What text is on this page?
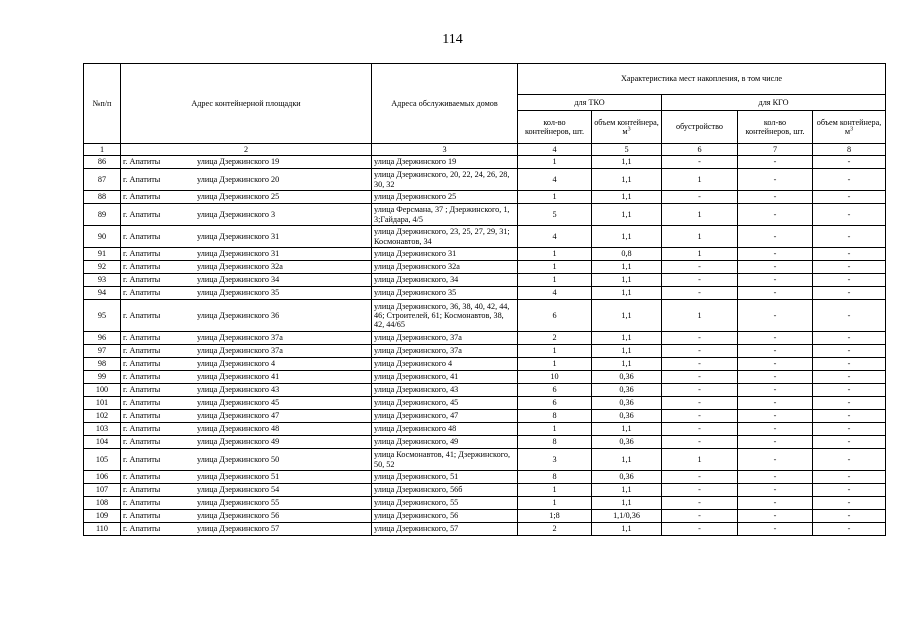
114
№п/п	Адрес контейнерной площадки	Адреса обслуживаемых домов	Характеристика мест накопления, в том числе				
			для ТКО		для КГО		
			кол-во контейнеров, шт.	объем контейнера, $м^3$	обустройство	кол-во контейнеров, шт.	объем контейнера, $м^3$
1	2	3	4	5	6	7	8
86	г. Апатиты улица Дзержинского 19	улица Дзержинского 19	1	1,1	-	-	-
87	г. Апатиты улица Дзержинского 20	улица Дзержинского, 20, 22, 24, 26, 28, 30, 32	4	1,1	1	-	-
88	г. Апатиты улица Дзержинского 25	улица Дзержинского 25	1	1,1	-	-	-
89	г. Апатиты улица Дзержинского 3	улица Ферсмана, 37 ; Дзержинского, 1, 3;Гайдара, 4/5	5	1,1	1	-	-
90	г. Апатиты улица Дзержинского 31	улица Дзержинского, 23, 25, 27, 29, 31; Космонавтов, 34	4	1,1	1	-	-
91	г. Апатиты улица Дзержинского 31	улица Дзержинского 31	1	0,8	1	-	-
92	г. Апатиты улица Дзержинского 32а	улица Дзержинского 32а	1	1,1	-	-	-
93	г. Апатиты улица Дзержинского 34	улица Дзержинского, 34	1	1,1	-	-	-
94	г. Апатиты улица Дзержинского 35	улица Дзержинского 35	4	1,1	-	-	-
95	г. Апатиты улица Дзержинского 36	улица Дзержинского, 36, 38, 40, 42, 44, 46; Строителей, 61; Космонавтов, 38, 42, 44/65	6	1,1	1	-	-
96	г. Апатиты улица Дзержинского 37а	улица Дзержинского, 37а	2	1,1	-	-	-
97	г. Апатиты улица Дзержинского 37а	улица Дзержинского, 37а	1	1,1	-	-	-
98	г. Апатиты улица Дзержинского 4	улица Дзержинского 4	1	1,1	-	-	-
99	г. Апатиты улица Дзержинского 41	улица Дзержинского, 41	10	0,36	-	-	-
100	г. Апатиты улица Дзержинского 43	улица Дзержинского, 43	6	0,36	-	-	-
101	г. Апатиты улица Дзержинского 45	улица Дзержинского, 45	6	0,36	-	-	-
102	г. Апатиты улица Дзержинского 47	улица Дзержинского, 47	8	0,36	-	-	-
103	г. Апатиты улица Дзержинского 48	улица Дзержинского 48	1	1,1	-	-	-
104	г. Апатиты улица Дзержинского 49	улица Дзержинского, 49	8	0,36	-	-	-
105	г. Апатиты улица Дзержинского 50	улица Космонавтов, 41; Дзержинского, 50, 52	3	1,1	1	-	-
106	г. Апатиты улица Дзержинского 51	улица Дзержинского, 51	8	0,36	-	-	-
107	г. Апатиты улица Дзержинского 54	улица Дзержинского, 56б	1	1,1	-	-	-
108	г. Апатиты улица Дзержинского 55	улица Дзержинского, 55	1	1,1	-	-	-
109	г. Апатиты улица Дзержинского 56	улица Дзержинского, 56	1;8	1,1/0,36	-	-	-
110	г. Апатиты улица Дзержинского 57	улица Дзержинского, 57	2	1,1	-	-	-
